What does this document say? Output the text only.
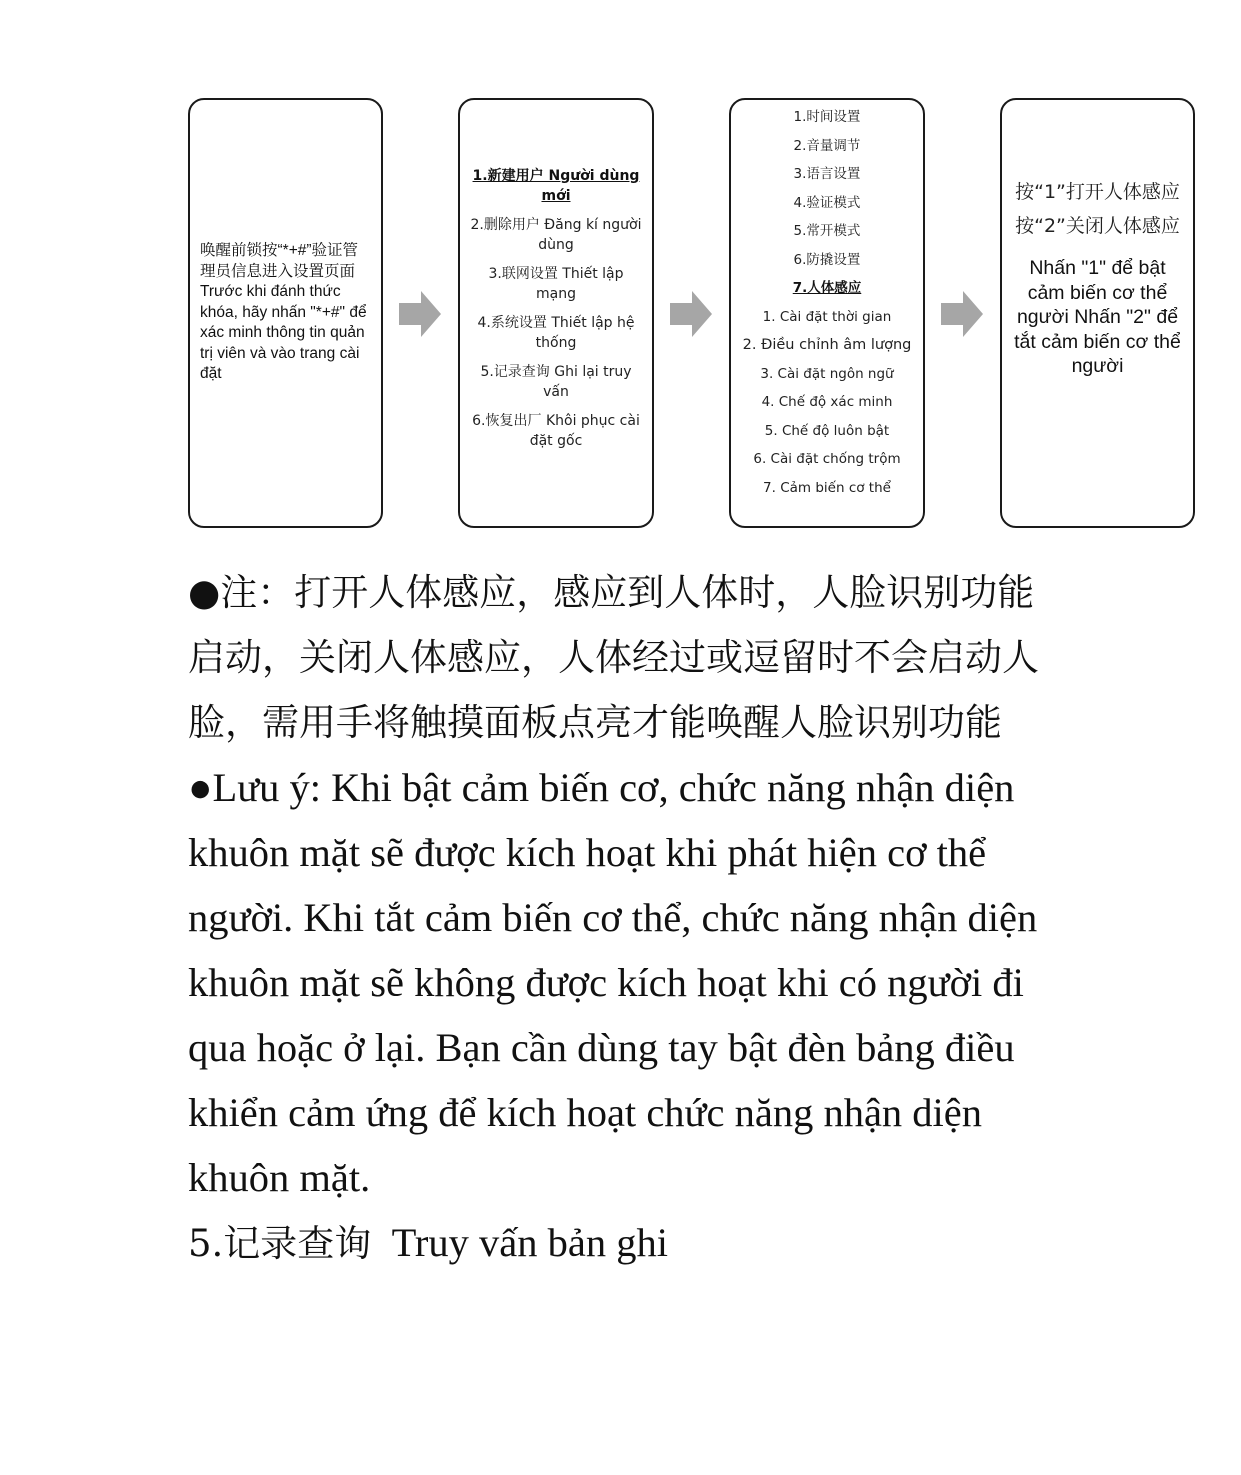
唤醒前锁按“*+#”验证管理员信息进入设置页面 Trước khi đánh thức khóa, hãy nhấn "*+#" để xác minh thông tin quản trị viên và vào trang cài đặt
1.新建用户 Người dùng mới
2.删除用户 Đăng kí người dùng
3.联网设置 Thiết lập mạng
4.系统设置 Thiết lập hệ thống
5.记录查询 Ghi lại truy vấn
6.恢复出厂 Khôi phục cài đặt gốc
1.时间设置
2.音量调节
3.语言设置
4.验证模式
5.常开模式
6.防撬设置
7.人体感应
1. Cài đặt thời gian
2. Điều chỉnh âm lượng
3. Cài đặt ngôn ngữ
4. Chế độ xác minh
5. Chế độ luôn bật
6. Cài đặt chống trộm
7. Cảm biến cơ thể
按“1”打开人体感应
按“2”关闭人体感应
Nhấn "1" để bật cảm biến cơ thể người Nhấn "2" để tắt cảm biến cơ thể người

●注：打开人体感应，感应到人体时，人脸识别功能启动，关闭人体感应，人体经过或逗留时不会启动人脸，需用手将触摸面板点亮才能唤醒人脸识别功能

●Lưu ý: Khi bật cảm biến cơ, chức năng nhận diện khuôn mặt sẽ được kích hoạt khi phát hiện cơ thể người. Khi tắt cảm biến cơ thể, chức năng nhận diện khuôn mặt sẽ không được kích hoạt khi có người đi qua hoặc ở lại. Bạn cần dùng tay bật đèn bảng điều khiển cảm ứng để kích hoạt chức năng nhận diện khuôn mặt.

5.记录查询 Truy vấn bản ghi
